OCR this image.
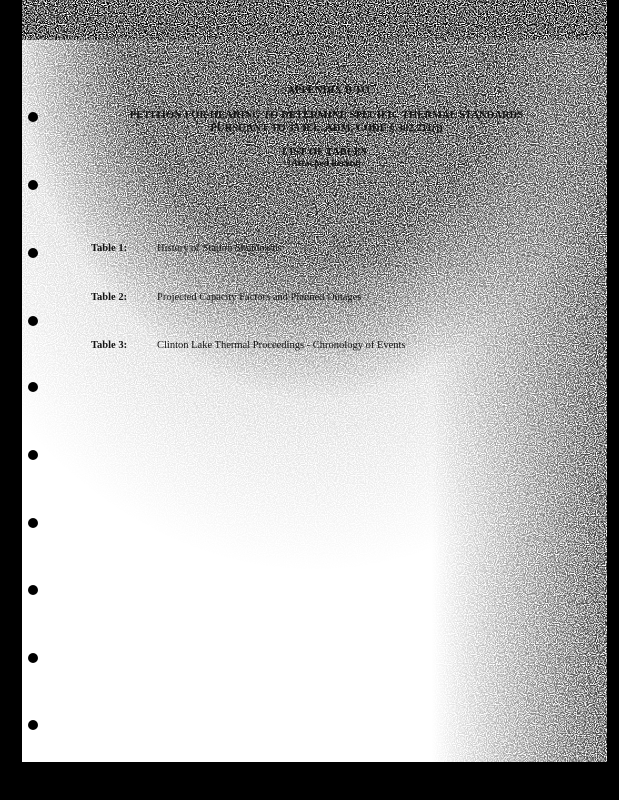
APPENDIX B TO
PETITION FOR HEARING TO DETERMINE SPECIFIC THERMAL STANDARDS
PURSUANT TO 35 ILL. ADM. CODE § 302.211(j)
LIST OF TABLES
(Attached hereto)
Table 1:	History of Station Shutdowns
Table 2:	Projected Capacity Factors and Planned Outages
Table 3:	Clinton Lake Thermal Proceedings - Chronology of Events
